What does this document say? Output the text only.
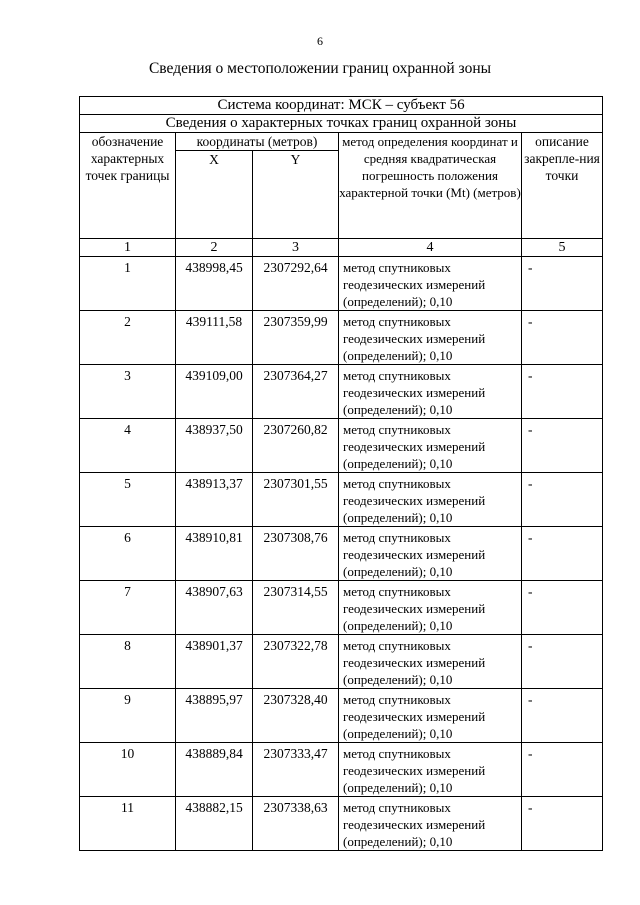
6
Сведения о местоположении границ охранной зоны
Система координат: МСК – субъект 56				
Сведения о характерных точках границ охранной зоны				
обозначение характерных точек границы	координаты (метров)		метод определения координат и средняя квадратическая погрешность положения характерной точки (Mt) (метров)	описание закрепле-ния точки
	X	Y		
1	2	3	4	5
1	438998,45	2307292,64	метод спутниковых геодезических измерений (определений); 0,10	-
2	439111,58	2307359,99	метод спутниковых геодезических измерений (определений); 0,10	-
3	439109,00	2307364,27	метод спутниковых геодезических измерений (определений); 0,10	-
4	438937,50	2307260,82	метод спутниковых геодезических измерений (определений); 0,10	-
5	438913,37	2307301,55	метод спутниковых геодезических измерений (определений); 0,10	-
6	438910,81	2307308,76	метод спутниковых геодезических измерений (определений); 0,10	-
7	438907,63	2307314,55	метод спутниковых геодезических измерений (определений); 0,10	-
8	438901,37	2307322,78	метод спутниковых геодезических измерений (определений); 0,10	-
9	438895,97	2307328,40	метод спутниковых геодезических измерений (определений); 0,10	-
10	438889,84	2307333,47	метод спутниковых геодезических измерений (определений); 0,10	-
11	438882,15	2307338,63	метод спутниковых геодезических измерений (определений); 0,10	-
